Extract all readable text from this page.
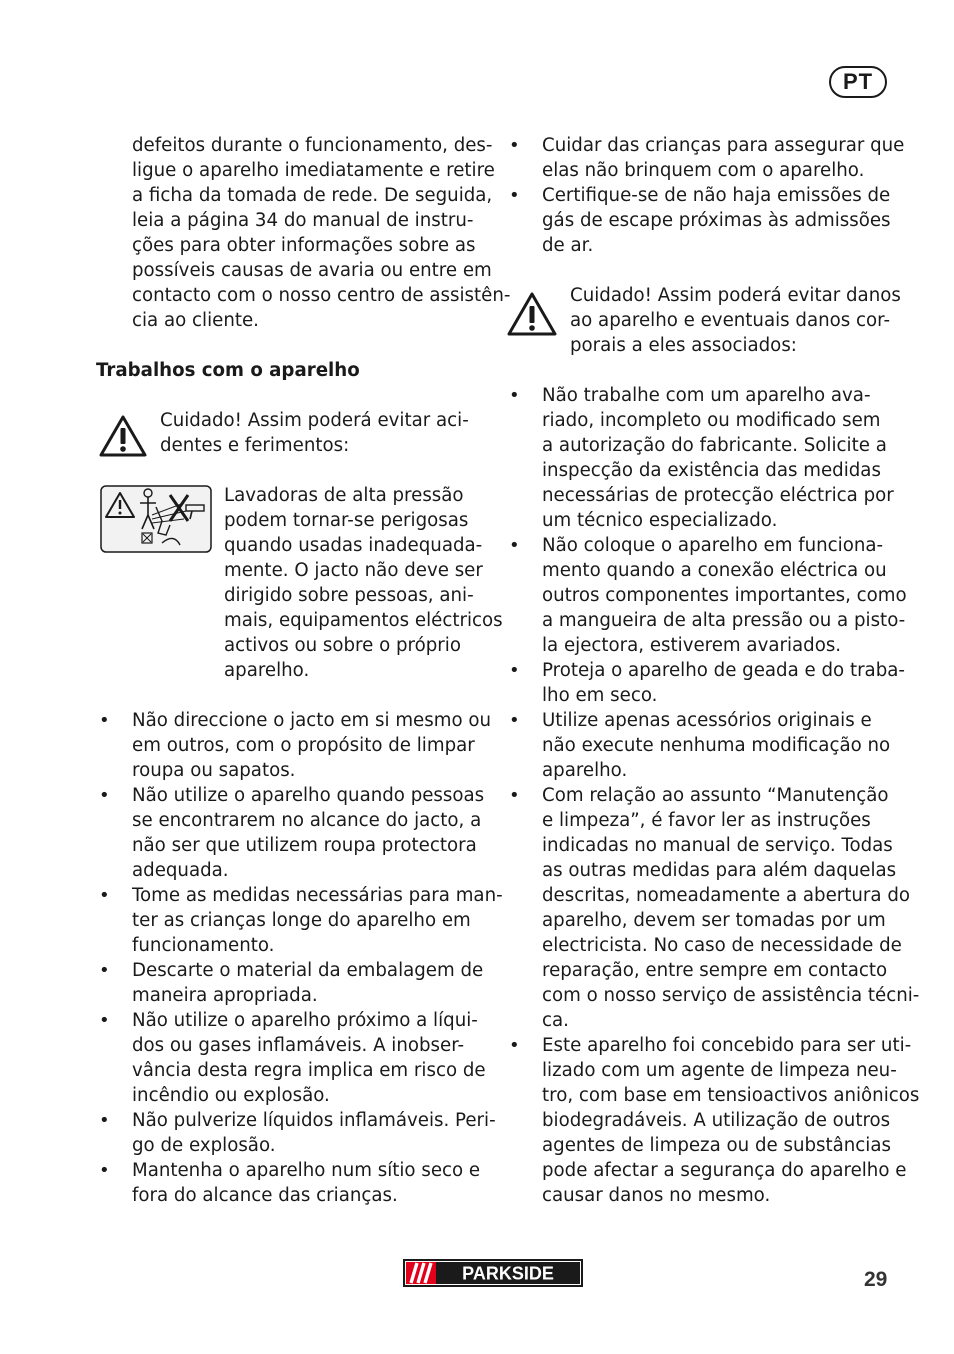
PT
defeitos durante o funcionamento, des-
ligue o aparelho imediatamente e retire
a ficha da tomada de rede. De seguida,
leia a página 34 do manual de instru-
ções para obter informações sobre as
possíveis causas de avaria ou entre em
contacto com o nosso centro de assistên-
cia ao cliente.
Trabalhos com o aparelho
Cuidado! Assim poderá evitar aci-
dentes e ferimentos:
Lavadoras de alta pressão
podem tornar-se perigosas
quando usadas inadequada-
mente. O jacto não deve ser
dirigido sobre pessoas, ani-
mais, equipamentos eléctricos
activos ou sobre o próprio
aparelho.
• Não direccione o jacto em si mesmo ou
em outros, com o propósito de limpar
roupa ou sapatos.
• Não utilize o aparelho quando pessoas
se encontrarem no alcance do jacto, a
não ser que utilizem roupa protectora
adequada.
• Tome as medidas necessárias para man-
ter as crianças longe do aparelho em
funcionamento.
• Descarte o material da embalagem de
maneira apropriada.
• Não utilize o aparelho próximo a líqui-
dos ou gases inflamáveis. A inobser-
vância desta regra implica em risco de
incêndio ou explosão.
• Não pulverize líquidos inflamáveis. Peri-
go de explosão.
• Mantenha o aparelho num sítio seco e
fora do alcance das crianças.
• Cuidar das crianças para assegurar que
elas não brinquem com o aparelho.
• Certifique-se de não haja emissões de
gás de escape próximas às admissões
de ar.
Cuidado! Assim poderá evitar danos
ao aparelho e eventuais danos cor-
porais a eles associados:
• Não trabalhe com um aparelho ava-
riado, incompleto ou modificado sem
a autorização do fabricante. Solicite a
inspecção da existência das medidas
necessárias de protecção eléctrica por
um técnico especializado.
• Não coloque o aparelho em funciona-
mento quando a conexão eléctrica ou
outros componentes importantes, como
a mangueira de alta pressão ou a pisto-
la ejectora, estiverem avariados.
• Proteja o aparelho de geada e do traba-
lho em seco.
• Utilize apenas acessórios originais e
não execute nenhuma modificação no
aparelho.
• Com relação ao assunto “Manutenção
e limpeza”, é favor ler as instruções
indicadas no manual de serviço. Todas
as outras medidas para além daquelas
descritas, nomeadamente a abertura do
aparelho, devem ser tomadas por um
electricista. No caso de necessidade de
reparação, entre sempre em contacto
com o nosso serviço de assistência técni-
ca.
• Este aparelho foi concebido para ser uti-
lizado com um agente de limpeza neu-
tro, com base em tensioactivos aniônicos
biodegradáveis. A utilização de outros
agentes de limpeza ou de substâncias
pode afectar a segurança do aparelho e
causar danos no mesmo.
PARKSIDE	29
